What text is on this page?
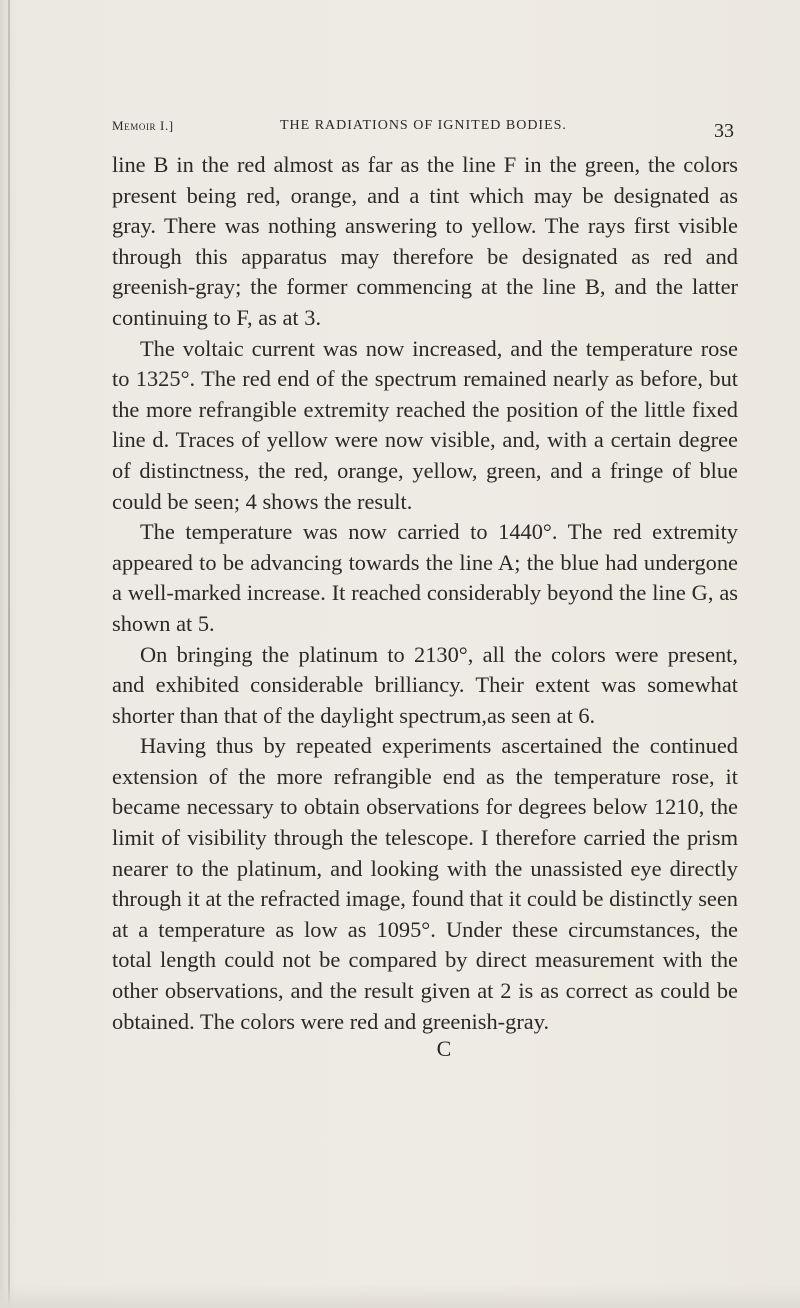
Memoir I.]	THE RADIATIONS OF IGNITED BODIES.	33

line B in the red almost as far as the line F in the green, the colors present being red, orange, and a tint which may be designated as gray. There was nothing answering to yellow. The rays first visible through this apparatus may therefore be designated as red and greenish-gray; the former commencing at the line B, and the latter continuing to F, as at 3.

The voltaic current was now increased, and the temperature rose to 1325°. The red end of the spectrum remained nearly as before, but the more refrangible extremity reached the position of the little fixed line d. Traces of yellow were now visible, and, with a certain degree of distinctness, the red, orange, yellow, green, and a fringe of blue could be seen; 4 shows the result.

The temperature was now carried to 1440°. The red extremity appeared to be advancing towards the line A; the blue had undergone a well-marked increase. It reached considerably beyond the line G, as shown at 5.

On bringing the platinum to 2130°, all the colors were present, and exhibited considerable brilliancy. Their extent was somewhat shorter than that of the daylight spectrum,as seen at 6.

Having thus by repeated experiments ascertained the continued extension of the more refrangible end as the temperature rose, it became necessary to obtain observations for degrees below 1210, the limit of visibility through the telescope. I therefore carried the prism nearer to the platinum, and looking with the unassisted eye directly through it at the refracted image, found that it could be distinctly seen at a temperature as low as 1095°. Under these circumstances, the total length could not be compared by direct measurement with the other observations, and the result given at 2 is as correct as could be obtained. The colors were red and greenish-gray.

C
